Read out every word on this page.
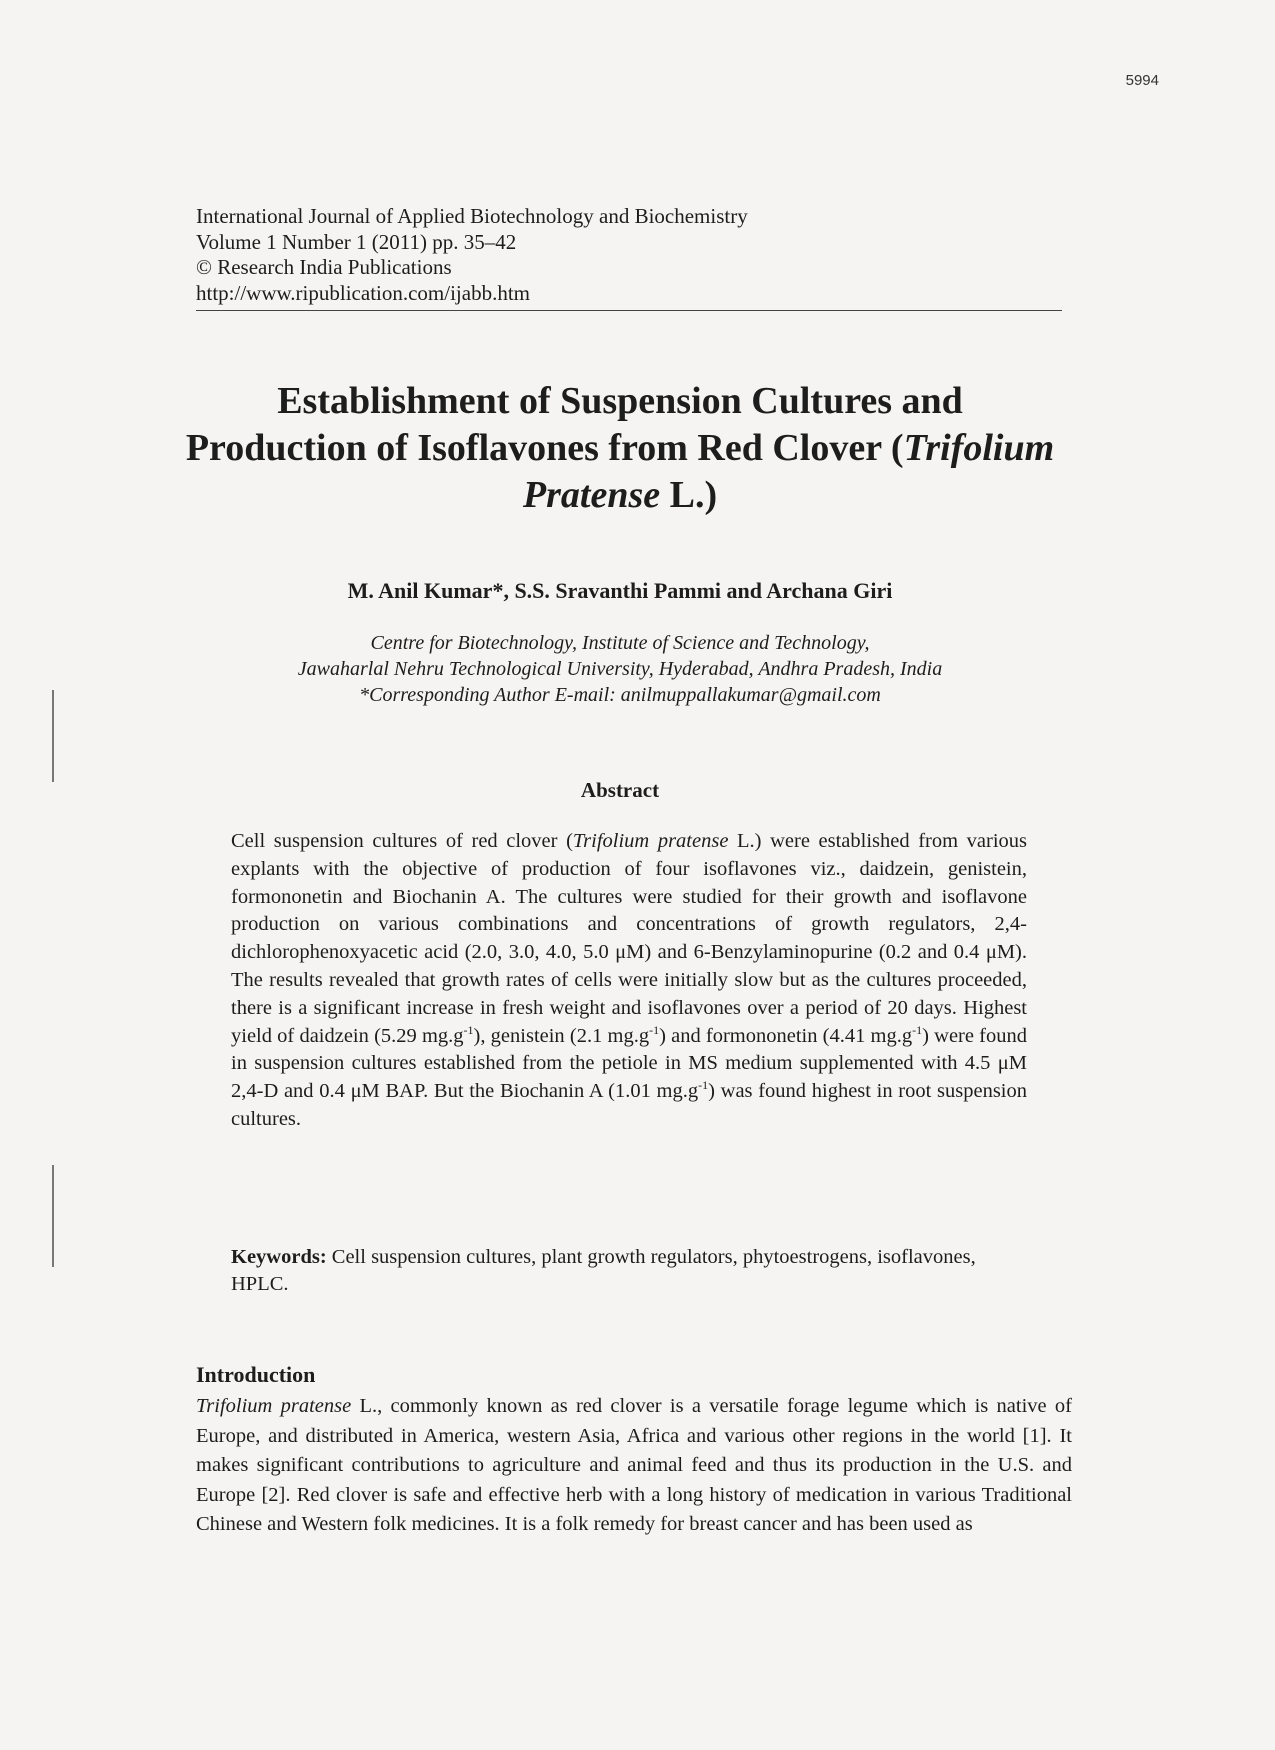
5994
International Journal of Applied Biotechnology and Biochemistry
Volume 1 Number 1 (2011) pp. 35–42
© Research India Publications
http://www.ripublication.com/ijabb.htm
Establishment of Suspension Cultures and
Production of Isoflavones from Red Clover (Trifolium
Pratense L.)
M. Anil Kumar*, S.S. Sravanthi Pammi and Archana Giri
Centre for Biotechnology, Institute of Science and Technology,
Jawaharlal Nehru Technological University, Hyderabad, Andhra Pradesh, India
*Corresponding Author E-mail: anilmuppallakumar@gmail.com
Abstract

Cell suspension cultures of red clover (Trifolium pratense L.) were established from various explants with the objective of production of four isoflavones viz., daidzein, genistein, formononetin and Biochanin A. The cultures were studied for their growth and isoflavone production on various combinations and concentrations of growth regulators, 2,4-dichlorophenoxyacetic acid (2.0, 3.0, 4.0, 5.0 μM) and 6-Benzylaminopurine (0.2 and 0.4 μM). The results revealed that growth rates of cells were initially slow but as the cultures proceeded, there is a significant increase in fresh weight and isoflavones over a period of 20 days. Highest yield of daidzein (5.29 $mg.g^{-1}$), genistein (2.1 $mg.g^{-1}$) and formononetin (4.41 $mg.g^{-1}$) were found in suspension cultures established from the petiole in MS medium supplemented with 4.5 μM 2,4-D and 0.4 μM BAP. But the Biochanin A (1.01 $mg.g^{-1}$) was found highest in root suspension cultures.

Keywords: Cell suspension cultures, plant growth regulators, phytoestrogens, isoflavones, HPLC.

Introduction

Trifolium pratense L., commonly known as red clover is a versatile forage legume which is native of Europe, and distributed in America, western Asia, Africa and various other regions in the world [1]. It makes significant contributions to agriculture and animal feed and thus its production in the U.S. and Europe [2]. Red clover is safe and effective herb with a long history of medication in various Traditional Chinese and Western folk medicines. It is a folk remedy for breast cancer and has been used as
